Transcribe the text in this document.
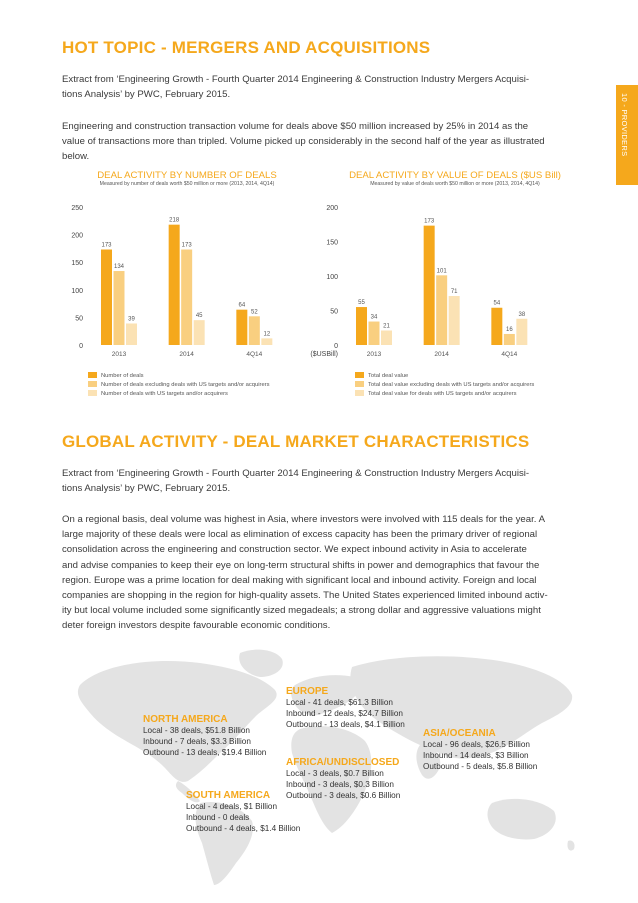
10 - PROVIDERS
HOT TOPIC - MERGERS AND ACQUISITIONS
Extract from ‘Engineering Growth - Fourth Quarter 2014 Engineering & Construction Industry Mergers Acquisi-
tions Analysis’ by PWC, February 2015.
Engineering and construction transaction volume for deals above $50 million increased by 25% in 2014 as the
value of transactions more than tripled. Volume picked up considerably in the second half of the year as illustrated
below.
DEAL ACTIVITY BY NUMBER OF DEALS
Measured by number of deals worth $50 million or more (2013, 2014, 4Q14)
0
50
100
150
200
250
173
134
39
2013
218
173
45
2014
64
52
12
4Q14
Number of deals
Number of deals excluding deals with US targets and/or acquirers
Number of deals with US targets and/or acquirers
DEAL ACTIVITY BY VALUE OF DEALS ($US Bill)
Measured by value of deals worth $50 million or more (2013, 2014, 4Q14)
0
50
100
150
200
($USBill)
55
34
21
2013
173
101
71
2014
54
16
38
4Q14
Total deal value
Total deal value excluding deals with US targets and/or acquirers
Total deal value for deals with US targets and/or acquirers
GLOBAL ACTIVITY - DEAL MARKET CHARACTERISTICS
Extract from ‘Engineering Growth - Fourth Quarter 2014 Engineering & Construction Industry Mergers Acquisi-
tions Analysis’ by PWC, February 2015.
On a regional basis, deal volume was highest in Asia, where investors were involved with 115 deals for the year. A
large majority of these deals were local as elimination of excess capacity has been the primary driver of regional
consolidation across the engineering and construction sector. We expect inbound activity in Asia to accelerate
and advise companies to keep their eye on long-term structural shifts in power and demographics that favour the
region. Europe was a prime location for deal making with significant local and inbound activity. Foreign and local
companies are shopping in the region for high-quality assets. The United States experienced limited inbound activ-
ity but local volume included some significantly sized megadeals; a strong dollar and aggressive valuations might
deter foreign investors despite favourable economic conditions.
NORTH AMERICA
Local - 38 deals, $51.8 Billion
Inbound - 7 deals, $3.3 Billion
Outbound - 13 deals, $19.4 Billion
EUROPE
Local - 41 deals, $61.3 Billion
Inbound - 12 deals, $24.7 Billion
Outbound - 13 deals, $4.1 Billion
ASIA/OCEANIA
Local - 96 deals, $26.5 Billion
Inbound - 14 deals, $3 Billion
Outbound - 5 deals, $5.8 Billion
AFRICA/UNDISCLOSED
Local - 3 deals, $0.7 Billion
Inbound - 3 deals, $0.3 Billion
Outbound - 3 deals, $0.6 Billion
SOUTH AMERICA
Local - 4 deals, $1 Billion
Inbound - 0 deals
Outbound - 4 deals, $1.4 Billion
